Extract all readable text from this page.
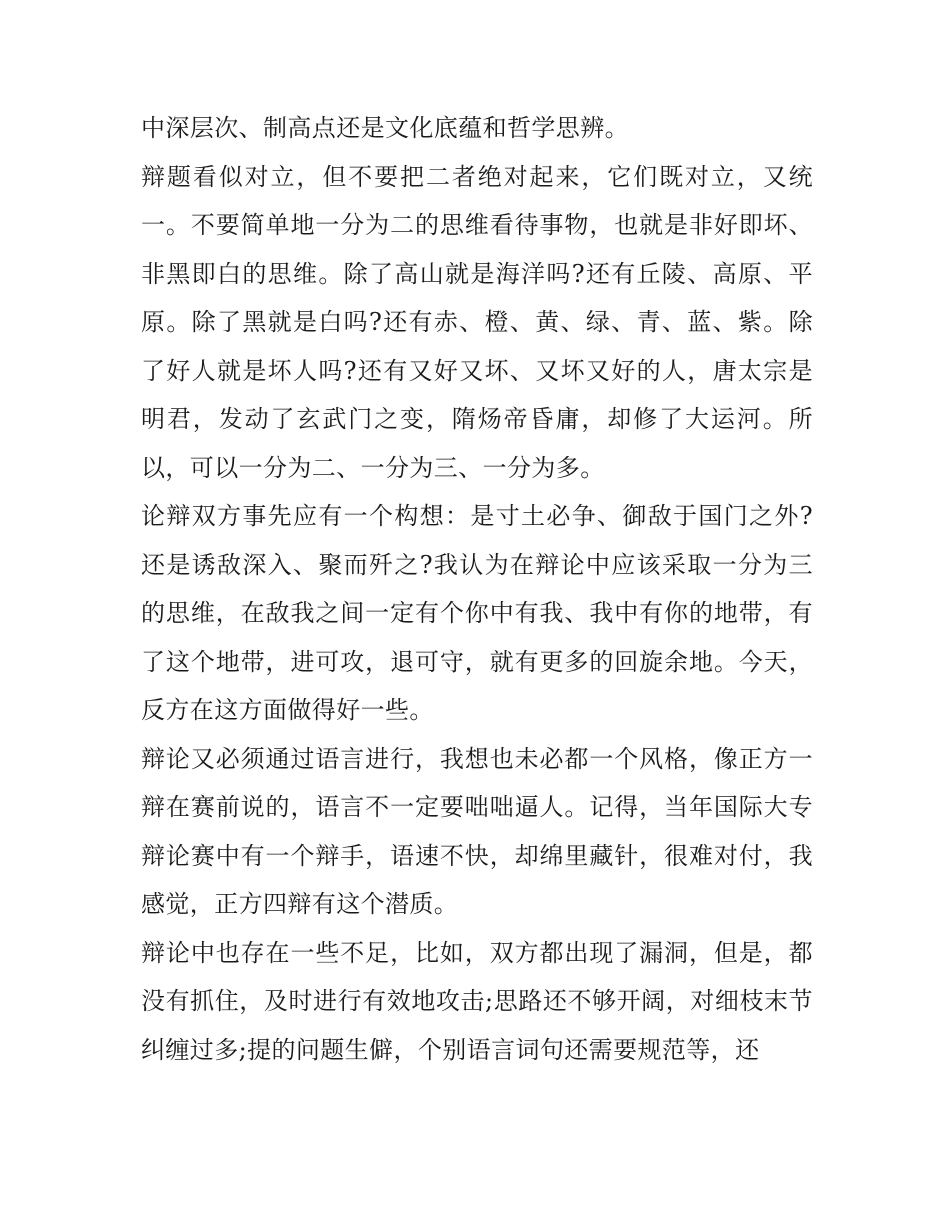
中深层次、制高点还是文化底蕴和哲学思辨。

辩题看似对立，但不要把二者绝对起来，它们既对立，又统一。不要简单地一分为二的思维看待事物，也就是非好即坏、非黑即白的思维。除了高山就是海洋吗?还有丘陵、高原、平原。除了黑就是白吗?还有赤、橙、黄、绿、青、蓝、紫。除了好人就是坏人吗?还有又好又坏、又坏又好的人，唐太宗是明君，发动了玄武门之变，隋炀帝昏庸，却修了大运河。所以，可以一分为二、一分为三、一分为多。

论辩双方事先应有一个构想：是寸土必争、御敌于国门之外?还是诱敌深入、聚而歼之?我认为在辩论中应该采取一分为三的思维，在敌我之间一定有个你中有我、我中有你的地带，有了这个地带，进可攻，退可守，就有更多的回旋余地。今天，反方在这方面做得好一些。

辩论又必须通过语言进行，我想也未必都一个风格，像正方一辩在赛前说的，语言不一定要咄咄逼人。记得，当年国际大专辩论赛中有一个辩手，语速不快，却绵里藏针，很难对付，我感觉，正方四辩有这个潜质。

辩论中也存在一些不足，比如，双方都出现了漏洞，但是，都没有抓住，及时进行有效地攻击;思路还不够开阔，对细枝末节纠缠过多;提的问题生僻，个别语言词句还需要规范等，还
